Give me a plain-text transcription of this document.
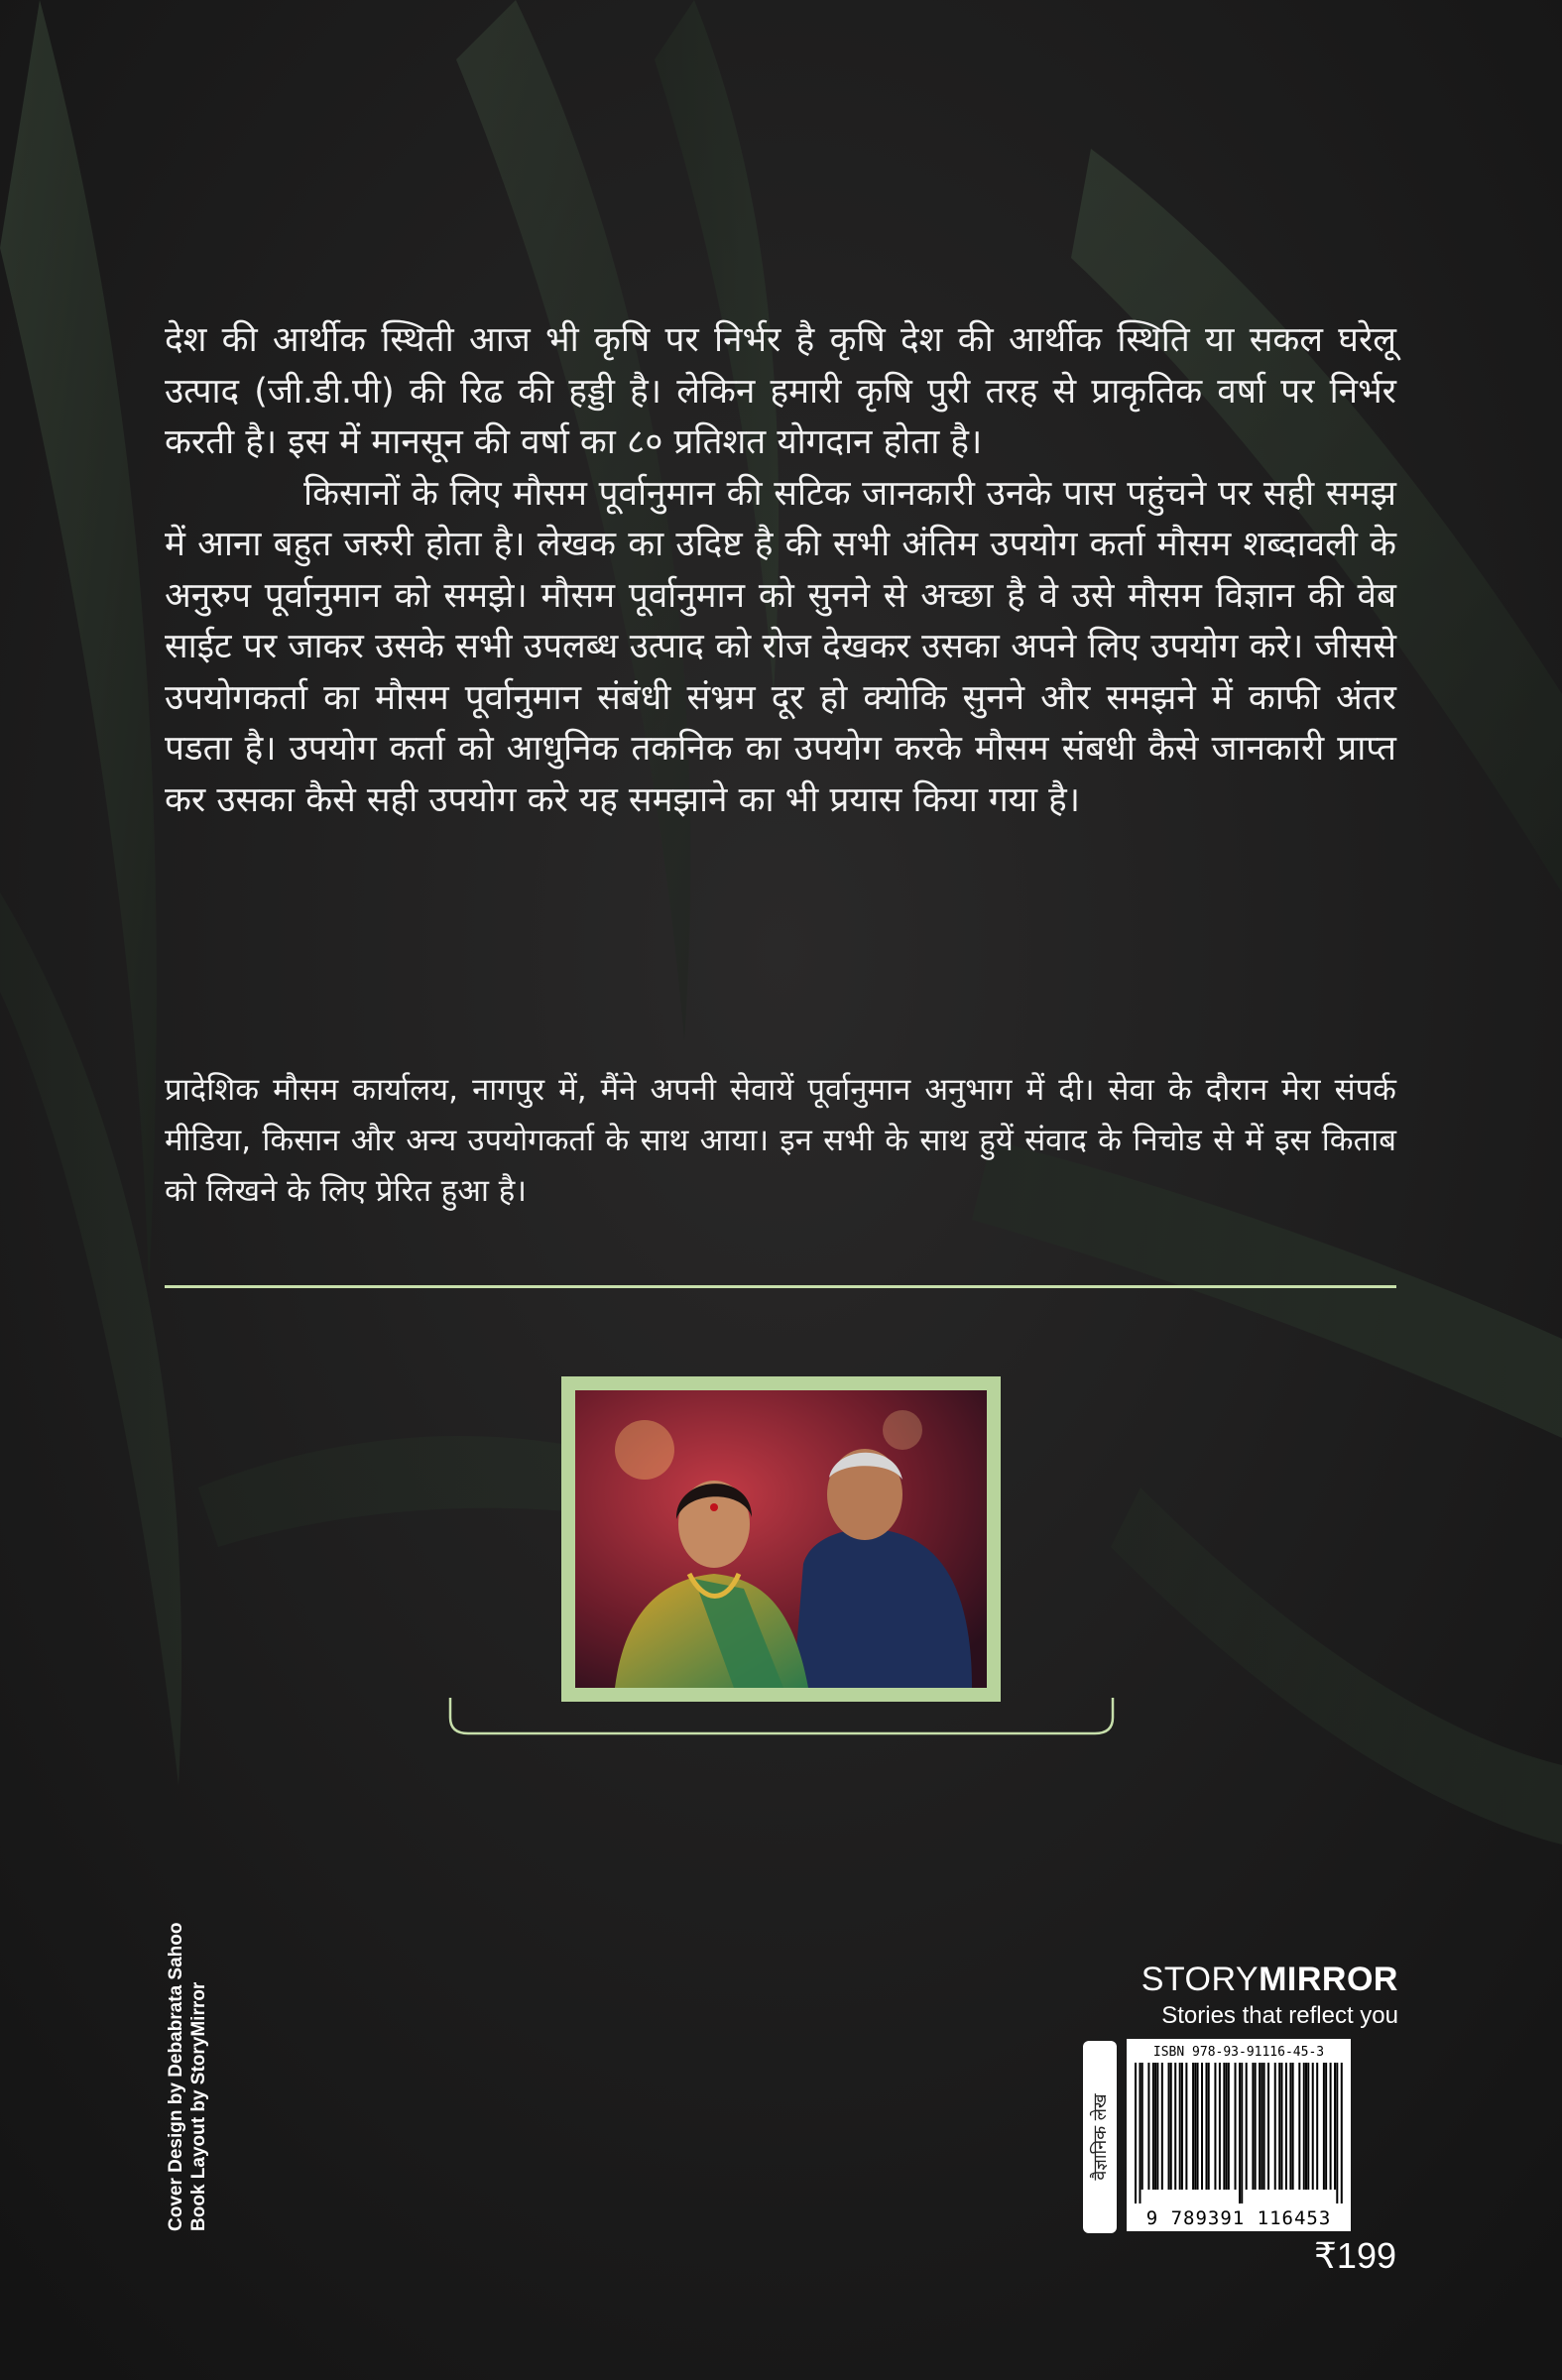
देश की आर्थीक स्थिती आज भी कृषि पर निर्भर है कृषि देश की आर्थीक स्थिति या सकल घरेलू उत्पाद (जी.डी.पी) की रिढ की हड्डी है। लेकिन हमारी कृषि पुरी तरह से प्राकृतिक वर्षा पर निर्भर करती है। इस में मानसून की वर्षा का ८० प्रतिशत योगदान होता है।

किसानों के लिए मौसम पूर्वानुमान की सटिक जानकारी उनके पास पहुंचने पर सही समझ में आना बहुत जरुरी होता है। लेखक का उदिष्ट है की सभी अंतिम उपयोग कर्ता मौसम शब्दावली के अनुरुप पूर्वानुमान को समझे। मौसम पूर्वानुमान को सुनने से अच्छा है वे उसे मौसम विज्ञान की वेब साईट पर जाकर उसके सभी उपलब्ध उत्पाद को रोज देखकर उसका अपने लिए उपयोग करे। जीससे उपयोगकर्ता का मौसम पूर्वानुमान संबंधी संभ्रम दूर हो क्योकि सुनने और समझने में काफी अंतर पडता है। उपयोग कर्ता को आधुनिक तकनिक का उपयोग करके मौसम संबधी कैसे जानकारी प्राप्त कर उसका कैसे सही उपयोग करे यह समझाने का भी प्रयास किया गया है।

प्रादेशिक मौसम कार्यालय, नागपुर में, मैंने अपनी सेवायें पूर्वानुमान अनुभाग में दी। सेवा के दौरान मेरा संपर्क मीडिया, किसान और अन्य उपयोगकर्ता के साथ आया। इन सभी के साथ हुयें संवाद के निचोड से में इस किताब को लिखने के लिए प्रेरित हुआ है।

Cover Design by Debabrata Sahoo Book Layout by StoryMirror
STORYMIRROR
Stories that reflect you
वैज्ञानिक लेख
ISBN 978-93-91116-45-3
9 789391 116453
₹199
